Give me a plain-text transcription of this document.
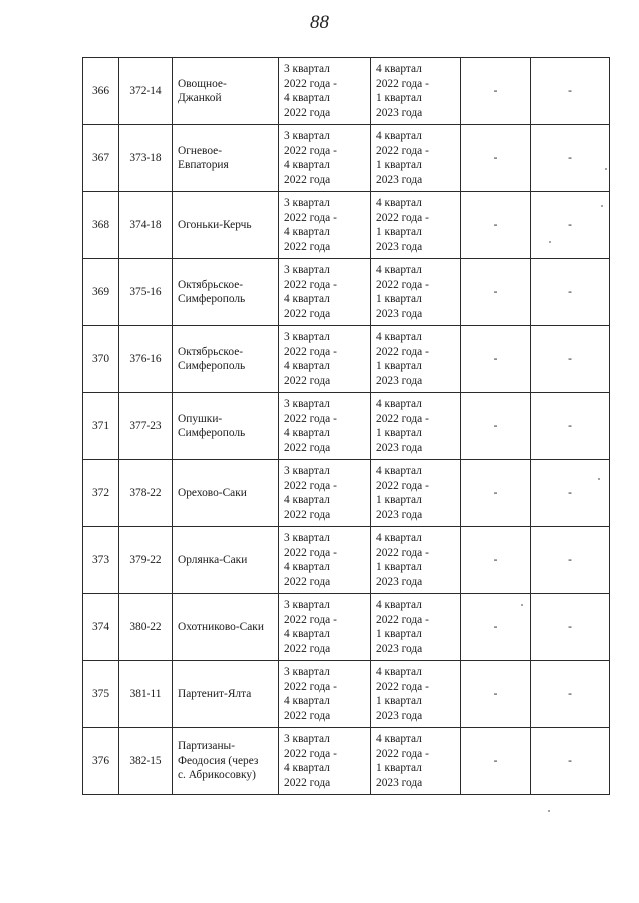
88
366	372-14	Овощное-
Джанкой	3 квартал
2022 года -
4 квартал
2022 года	4 квартал
2022 года -
1 квартал
2023 года	-	-
367	373-18	Огневое-
Евпатория	3 квартал
2022 года -
4 квартал
2022 года	4 квартал
2022 года -
1 квартал
2023 года	-	-
368	374-18	Огоньки-Керчь	3 квартал
2022 года -
4 квартал
2022 года	4 квартал
2022 года -
1 квартал
2023 года	-	-
369	375-16	Октябрьское-
Симферополь	3 квартал
2022 года -
4 квартал
2022 года	4 квартал
2022 года -
1 квартал
2023 года	-	-
370	376-16	Октябрьское-
Симферополь	3 квартал
2022 года -
4 квартал
2022 года	4 квартал
2022 года -
1 квартал
2023 года	-	-
371	377-23	Опушки-
Симферополь	3 квартал
2022 года -
4 квартал
2022 года	4 квартал
2022 года -
1 квартал
2023 года	-	-
372	378-22	Орехово-Саки	3 квартал
2022 года -
4 квартал
2022 года	4 квартал
2022 года -
1 квартал
2023 года	-	-
373	379-22	Орлянка-Саки	3 квартал
2022 года -
4 квартал
2022 года	4 квартал
2022 года -
1 квартал
2023 года	-	-
374	380-22	Охотниково-Саки	3 квартал
2022 года -
4 квартал
2022 года	4 квартал
2022 года -
1 квартал
2023 года	-	-
375	381-11	Партенит-Ялта	3 квартал
2022 года -
4 квартал
2022 года	4 квартал
2022 года -
1 квартал
2023 года	-	-
376	382-15	Партизаны-
Феодосия (через
с. Абрикосовку)	3 квартал
2022 года -
4 квартал
2022 года	4 квартал
2022 года -
1 квартал
2023 года	-	-
